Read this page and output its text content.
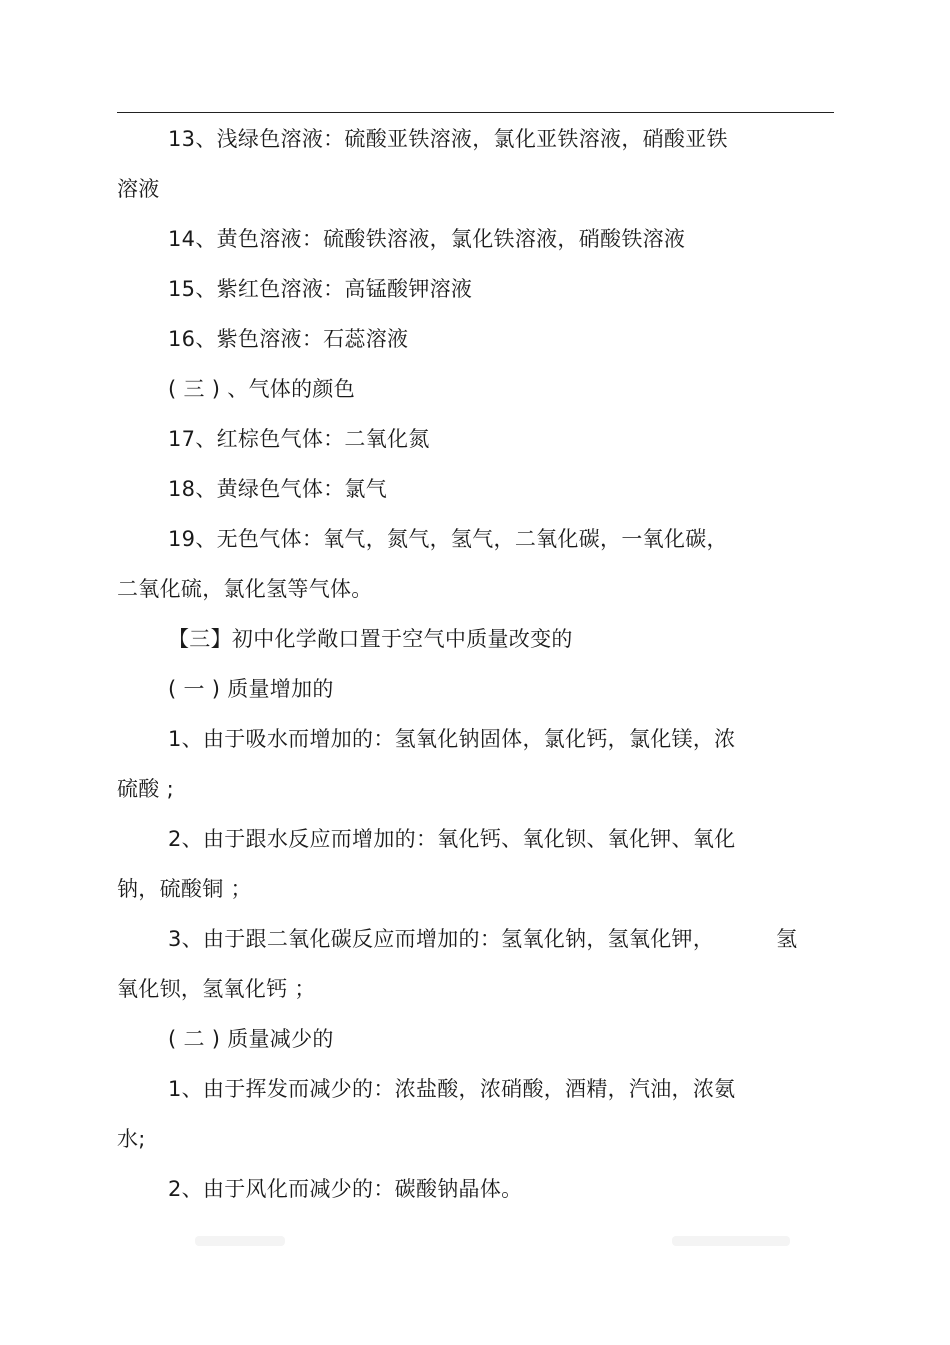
13、浅绿色溶液：硫酸亚铁溶液，氯化亚铁溶液，硝酸亚铁
溶液
14、黄色溶液：硫酸铁溶液，氯化铁溶液，硝酸铁溶液
15、紫红色溶液：高锰酸钾溶液
16、紫色溶液：石蕊溶液
( 三 ) 、气体的颜色
17、红棕色气体：二氧化氮
18、黄绿色气体：氯气
19、无色气体：氧气，氮气，氢气，二氧化碳，一氧化碳，
二氧化硫，氯化氢等气体。
【三】初中化学敞口置于空气中质量改变的
( 一 ) 质量增加的
1、由于吸水而增加的：氢氧化钠固体，氯化钙，氯化镁，浓
硫酸 ;
2、由于跟水反应而增加的：氧化钙、氧化钡、氧化钾、氧化
钠，硫酸铜 ；
3、由于跟二氧化碳反应而增加的：氢氧化钠，氢氧化钾，	氢
氧化钡，氢氧化钙 ；
( 二 ) 质量减少的
1、由于挥发而减少的：浓盐酸，浓硝酸，酒精，汽油，浓氨
水;
2、由于风化而减少的：碳酸钠晶体。
